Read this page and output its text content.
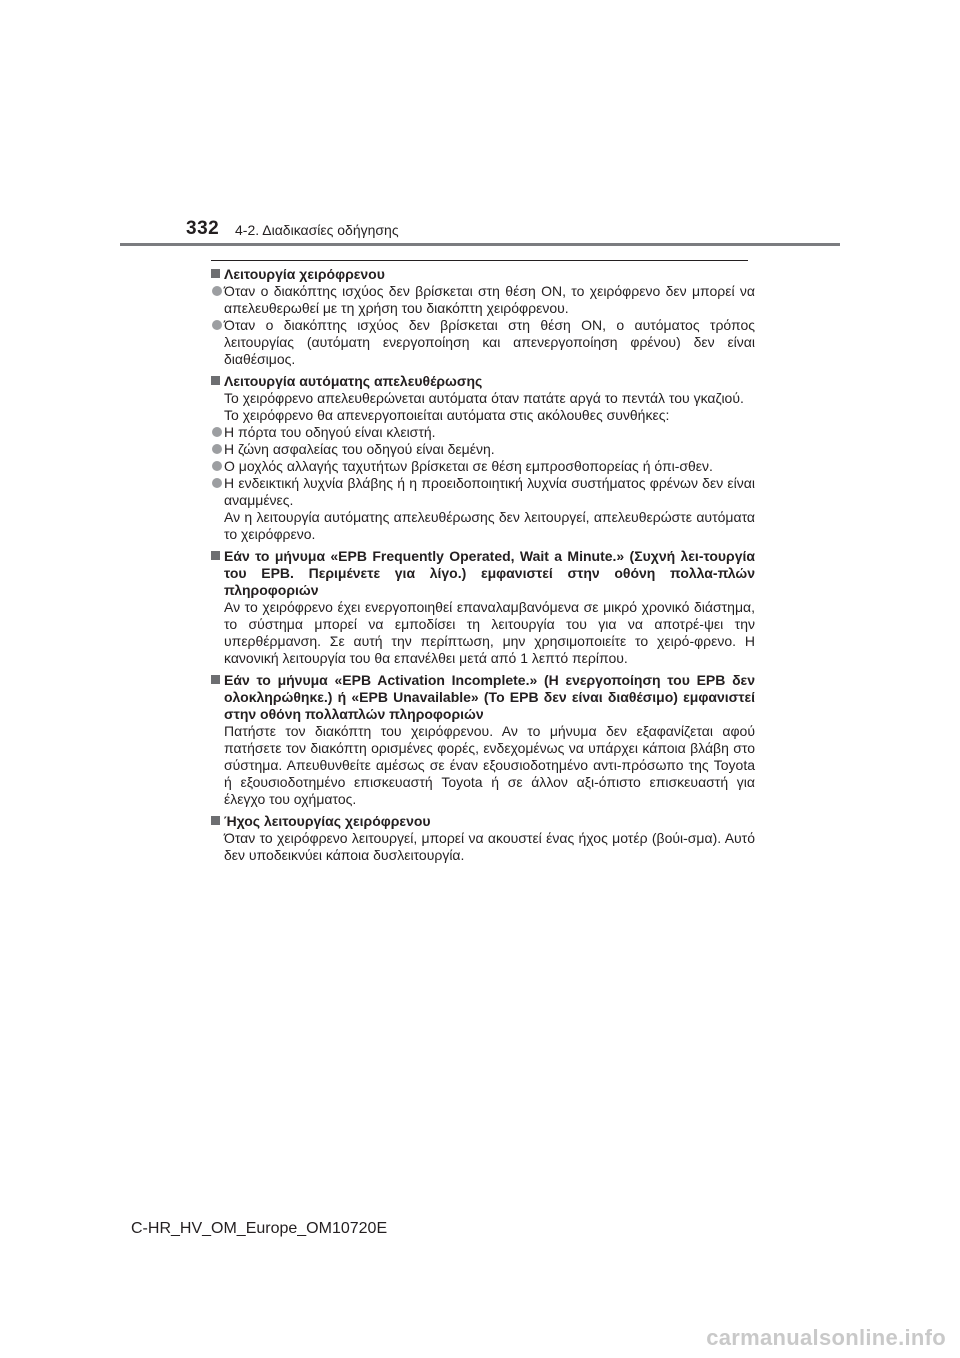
332 4-2. Διαδικασίες οδήγησης

Λειτουργία χειρόφρενου

Όταν ο διακόπτης ισχύος δεν βρίσκεται στη θέση ON, το χειρόφρενο δεν μπορεί να απελευθερωθεί με τη χρήση του διακόπτη χειρόφρενου.

Όταν ο διακόπτης ισχύος δεν βρίσκεται στη θέση ON, ο αυτόματος τρόπος λειτουργίας (αυτόματη ενεργοποίηση και απενεργοποίηση φρένου) δεν είναι διαθέσιμος.

Λειτουργία αυτόματης απελευθέρωσης

Το χειρόφρενο απελευθερώνεται αυτόματα όταν πατάτε αργά το πεντάλ του γκαζιού.

Το χειρόφρενο θα απενεργοποιείται αυτόματα στις ακόλουθες συνθήκες:

Η πόρτα του οδηγού είναι κλειστή.

Η ζώνη ασφαλείας του οδηγού είναι δεμένη.

Ο μοχλός αλλαγής ταχυτήτων βρίσκεται σε θέση εμπροσθοπορείας ή όπι-σθεν.

Η ενδεικτική λυχνία βλάβης ή η προειδοποιητική λυχνία συστήματος φρένων δεν είναι αναμμένες.

Αν η λειτουργία αυτόματης απελευθέρωσης δεν λειτουργεί, απελευθερώστε αυτόματα το χειρόφρενο.

Εάν το μήνυμα «EPB Frequently Operated, Wait a Minute.» (Συχνή λει-τουργία του EPB. Περιμένετε για λίγο.) εμφανιστεί στην οθόνη πολλα-πλών πληροφοριών

Αν το χειρόφρενο έχει ενεργοποιηθεί επαναλαμβανόμενα σε μικρό χρονικό διάστημα, το σύστημα μπορεί να εμποδίσει τη λειτουργία του για να αποτρέ-ψει την υπερθέρμανση. Σε αυτή την περίπτωση, μην χρησιμοποιείτε το χειρό-φρενο. Η κανονική λειτουργία του θα επανέλθει μετά από 1 λεπτό περίπου.

Εάν το μήνυμα «EPB Activation Incomplete.» (Η ενεργοποίηση του EPB δεν ολοκληρώθηκε.) ή «EPB Unavailable» (Το EPB δεν είναι διαθέσιμο) εμφανιστεί στην οθόνη πολλαπλών πληροφοριών

Πατήστε τον διακόπτη του χειρόφρενου. Αν το μήνυμα δεν εξαφανίζεται αφού πατήσετε τον διακόπτη ορισμένες φορές, ενδεχομένως να υπάρχει κάποια βλάβη στο σύστημα. Απευθυνθείτε αμέσως σε έναν εξουσιοδοτημένο αντι-πρόσωπο της Toyota ή εξουσιοδοτημένο επισκευαστή Toyota ή σε άλλον αξι-όπιστο επισκευαστή για έλεγχο του οχήματος.

Ήχος λειτουργίας χειρόφρενου

Όταν το χειρόφρενο λειτουργεί, μπορεί να ακουστεί ένας ήχος μοτέρ (βούι-σμα). Αυτό δεν υποδεικνύει κάποια δυσλειτουργία.

C-HR_HV_OM_Europe_OM10720E
carmanualsonline.info
